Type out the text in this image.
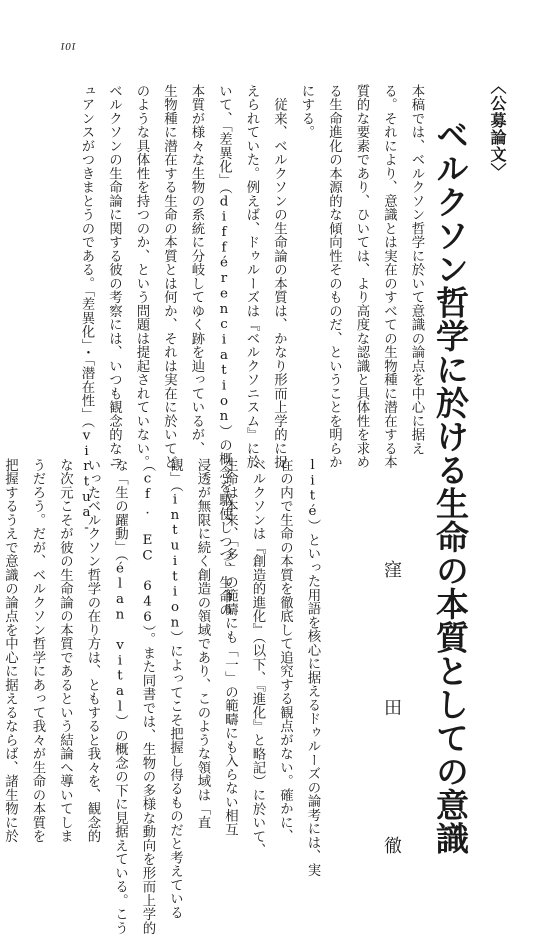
101
〈公募論文〉
ベルクソン哲学に於ける生命の本質としての意識
窪  田  徹

本稿では、ベルクソン哲学に於いて意識の論点を中心に据え

る。それにより、意識とは実在のすべての生物種に潜在する本

質的な要素であり、ひいては、より高度な認識と具体性を求め

る生命進化の本源的な傾向性そのものだ、ということを明らか

にする。

　従来、ベルクソンの生命論の本質は、かなり形而上学的に捉

えられていた。例えば、ドゥルーズは『ベルクソニスム』に於

いて、「差異化」（différenciation）の概念を駆使しつつ、生命の

本質が様々な生物の系統に分岐してゆく跡を辿っているが、

生物種に潜在する生命の本質とは何か、それは実在に於いてど

のような具体性を持つのか、という問題は提起されていない。

ベルクソンの生命論に関する彼の考察には、いつも観念的なニ

ュアンスがつきまとうのである。「差異化」・「潜在性」（virtua-

lité）といった用語を核心に据えるドゥルーズの論考には、実

在の内で生命の本質を徹底して追究する観点がない。確かに、

ベルクソンは『創造的進化』（以下、『進化』と略記）に於いて、

生命は本来、「多」の範疇にも「一」の範疇にも入らない相互

浸透が無限に続く創造の領域であり、このような領域は「直

観」（intuition）によってこそ把握し得るものだと考えている

（cf. EC 646）。また同書では、生物の多様な動向を形而上学的

な「生の躍動」（élan vital）の概念の下に見据えている。こう

いったベルクソン哲学の在り方は、ともすると我々を、観念的

な次元こそが彼の生命論の本質であるという結論へ導いてしま

うだろう。だが、ベルクソン哲学にあって我々が生命の本質を

把握するうえで意識の論点を中心に据えるならば、諸生物に於
